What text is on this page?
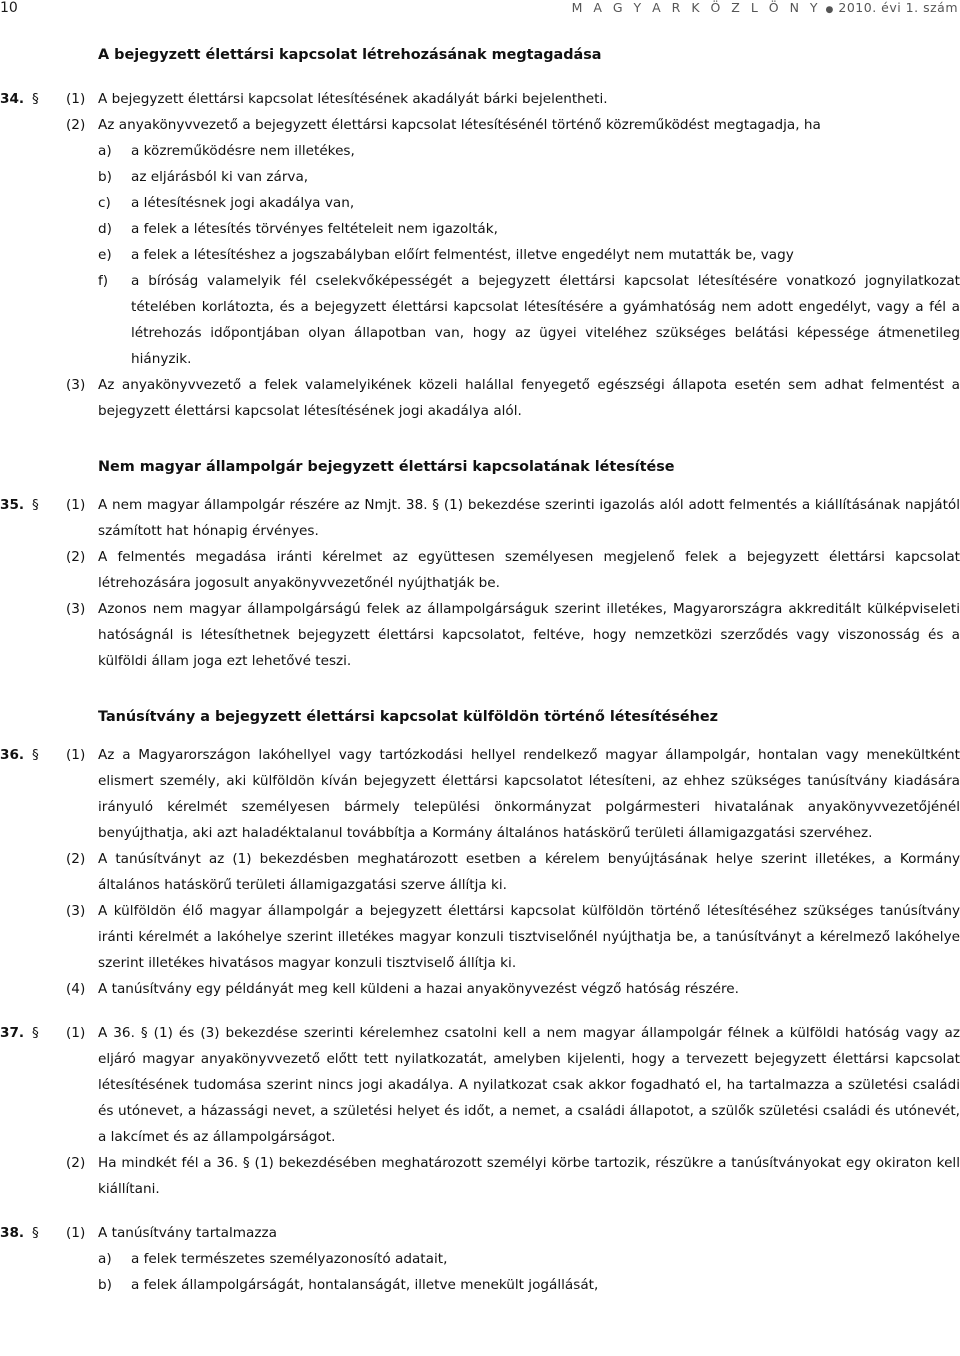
10	M A G Y A R K Ö Z L Ö N Y ● 2010. évi 1. szám
A bejegyzett élettársi kapcsolat létrehozásának megtagadása
34. § (1) A bejegyzett élettársi kapcsolat létesítésének akadályát bárki bejelentheti.
(2) Az anyakönyvvezető a bejegyzett élettársi kapcsolat létesítésénél történő közreműködést megtagadja, ha
a) a közreműködésre nem illetékes,
b) az eljárásból ki van zárva,
c) a létesítésnek jogi akadálya van,
d) a felek a létesítés törvényes feltételeit nem igazolták,
e) a felek a létesítéshez a jogszabályban előírt felmentést, illetve engedélyt nem mutatták be, vagy
f) a bíróság valamelyik fél cselekvőképességét a bejegyzett élettársi kapcsolat létesítésére vonatkozó jognyilatkozat tételében korlátozta, és a bejegyzett élettársi kapcsolat létesítésére a gyámhatóság nem adott engedélyt, vagy a fél a létrehozás időpontjában olyan állapotban van, hogy az ügyei viteléhez szükséges belátási képessége átmenetileg hiányzik.
(3) Az anyakönyvvezető a felek valamelyikének közeli halállal fenyegető egészségi állapota esetén sem adhat felmentést a bejegyzett élettársi kapcsolat létesítésének jogi akadálya alól.
Nem magyar állampolgár bejegyzett élettársi kapcsolatának létesítése
35. § (1) A nem magyar állampolgár részére az Nmjt. 38. § (1) bekezdése szerinti igazolás alól adott felmentés a kiállításának napjától számított hat hónapig érvényes.
(2) A felmentés megadása iránti kérelmet az együttesen személyesen megjelenő felek a bejegyzett élettársi kapcsolat létrehozására jogosult anyakönyvvezetőnél nyújthatják be.
(3) Azonos nem magyar állampolgárságú felek az állampolgárságuk szerint illetékes, Magyarországra akkreditált külképviseleti hatóságnál is létesíthetnek bejegyzett élettársi kapcsolatot, feltéve, hogy nemzetközi szerződés vagy viszonosság és a külföldi állam joga ezt lehetővé teszi.
Tanúsítvány a bejegyzett élettársi kapcsolat külföldön történő létesítéséhez
36. § (1) Az a Magyarországon lakóhellyel vagy tartózkodási hellyel rendelkező magyar állampolgár, hontalan vagy menekültként elismert személy, aki külföldön kíván bejegyzett élettársi kapcsolatot létesíteni, az ehhez szükséges tanúsítvány kiadására irányuló kérelmét személyesen bármely települési önkormányzat polgármesteri hivatalának anyakönyvvezetőjénél benyújthatja, aki azt haladéktalanul továbbítja a Kormány általános hatáskörű területi államigazgatási szervéhez.
(2) A tanúsítványt az (1) bekezdésben meghatározott esetben a kérelem benyújtásának helye szerint illetékes, a Kormány általános hatáskörű területi államigazgatási szerve állítja ki.
(3) A külföldön élő magyar állampolgár a bejegyzett élettársi kapcsolat külföldön történő létesítéséhez szükséges tanúsítvány iránti kérelmét a lakóhelye szerint illetékes magyar konzuli tisztviselőnél nyújthatja be, a tanúsítványt a kérelmező lakóhelye szerint illetékes hivatásos magyar konzuli tisztviselő állítja ki.
(4) A tanúsítvány egy példányát meg kell küldeni a hazai anyakönyvezést végző hatóság részére.
37. § (1) A 36. § (1) és (3) bekezdése szerinti kérelemhez csatolni kell a nem magyar állampolgár félnek a külföldi hatóság vagy az eljáró magyar anyakönyvvezető előtt tett nyilatkozatát, amelyben kijelenti, hogy a tervezett bejegyzett élettársi kapcsolat létesítésének tudomása szerint nincs jogi akadálya. A nyilatkozat csak akkor fogadható el, ha tartalmazza a születési családi és utónevet, a házassági nevet, a születési helyet és időt, a nemet, a családi állapotot, a szülők születési családi és utónevét, a lakcímet és az állampolgárságot.
(2) Ha mindkét fél a 36. § (1) bekezdésében meghatározott személyi körbe tartozik, részükre a tanúsítványokat egy okiraton kell kiállítani.
38. § (1) A tanúsítvány tartalmazza
a) a felek természetes személyazonosító adatait,
b) a felek állampolgárságát, hontalanságát, illetve menekült jogállását,
